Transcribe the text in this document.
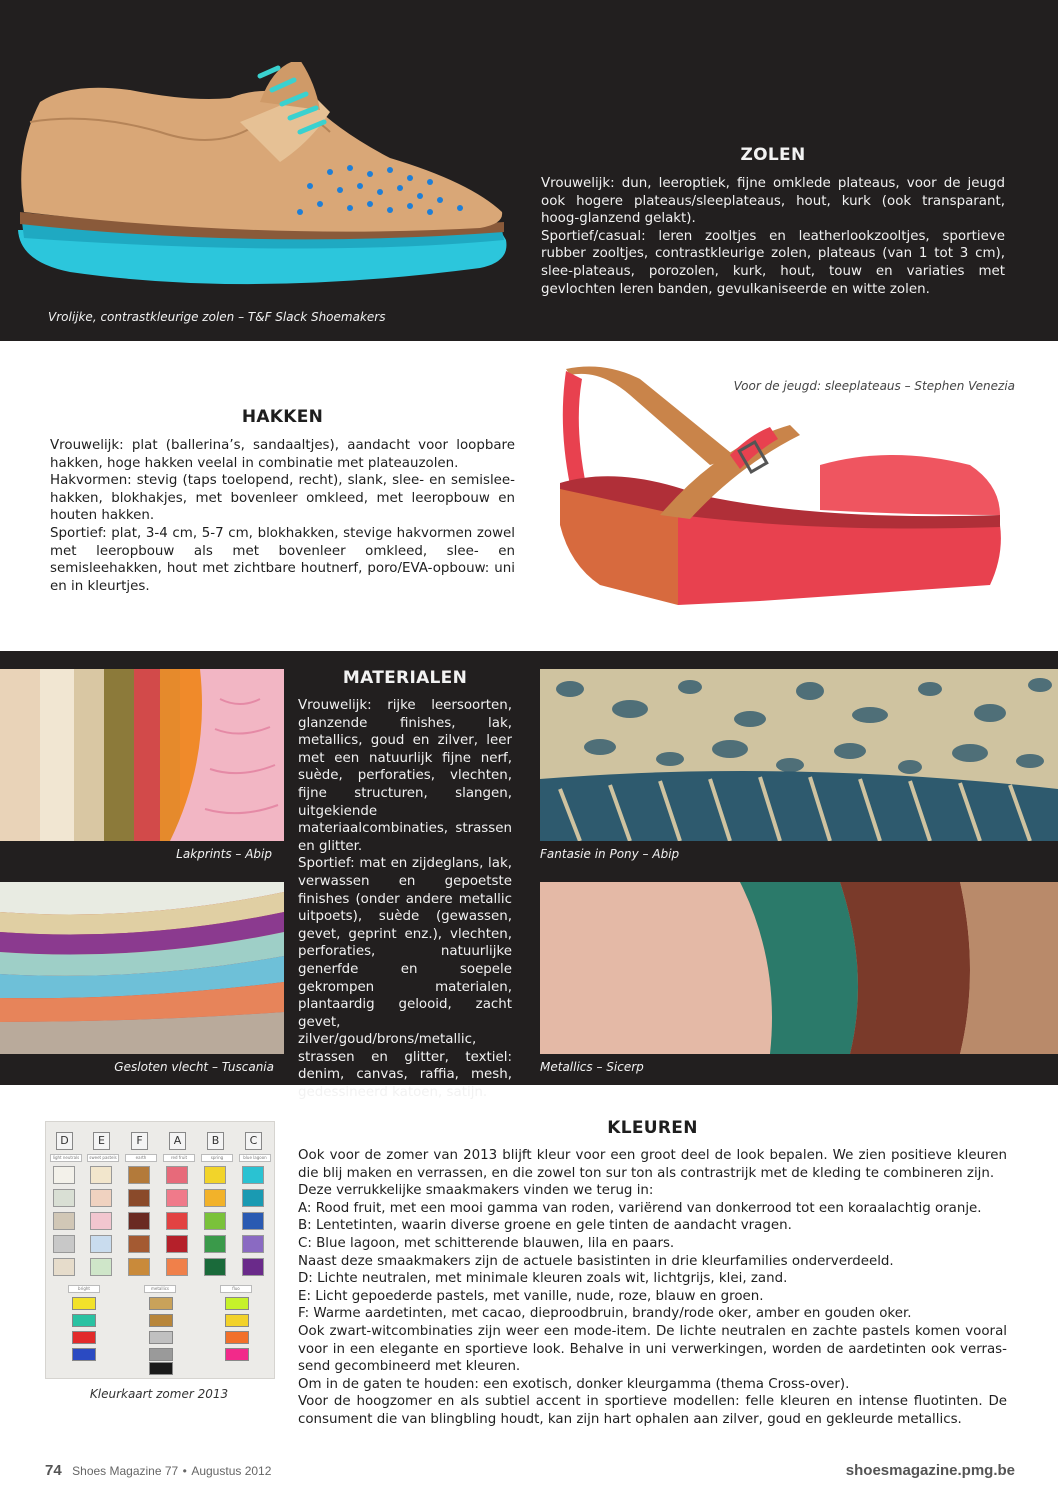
Vrolijke, contrastkleurige zolen – T&F Slack Shoemakers
ZOLEN

Vrouwelijk: dun, leeroptiek, fijne omklede plateaus, voor de jeugd ook hogere plateaus/sleeplateaus, hout, kurk (ook transparant, hoog-glanzend gelakt).

Sportief/casual: leren zooltjes en leatherlookzooltjes, sportieve rubber zooltjes, contrastkleurige zolen, plateaus (van 1 tot 3 cm), slee-plateaus, porozolen, kurk, hout, touw en variaties met gevlochten leren banden, gevulkaniseerde en witte zolen.

HAKKEN

Vrouwelijk: plat (ballerina’s, sandaaltjes), aandacht voor loopbare hakken, hoge hakken veelal in combinatie met plateauzolen.

Hakvormen: stevig (taps toelopend, recht), slank, slee- en semislee-hakken, blokhakjes, met bovenleer omkleed, met leeropbouw en houten hakken.

Sportief: plat, 3-4 cm, 5-7 cm, blokhakken, stevige hakvormen zowel met leeropbouw als met bovenleer omkleed, slee- en semisleehakken, hout met zichtbare houtnerf, poro/EVA-opbouw: uni en in kleurtjes.

Voor de jeugd: sleeplateaus – Stephen Venezia
Lakprints – Abip
Gesloten vlecht – Tuscania
MATERIALEN

Vrouwelijk: rijke leersoorten, glanzende finishes, lak, metallics, goud en zilver, leer met een natuurlijk fijne nerf, suède, perforaties, vlechten, fijne structuren, slangen, uitgekiende materiaalcombinaties, strassen en glitter.

Sportief: mat en zijdeglans, lak, verwassen en gepoetste finishes (onder andere metallic uitpoets), suède (gewassen, gevet, geprint enz.), vlechten, perforaties, natuurlijke generfde en soepele gekrompen materialen, plantaardig gelooid, zacht gevet, zilver/goud/brons/metallic, strassen en glitter, textiel: denim, canvas, raffia, mesh, gedessineerd katoen, satijn.

Fantasie in Pony – Abip
Metallics – Sicerp
D	E	F	A	B	C
light neutrals	sweet pastels	earth	red fruit	spring	blue lagoon
bright	metallics	fluo
Kleurkaart zomer 2013
KLEUREN

Ook voor de zomer van 2013 blijft kleur voor een groot deel de look bepalen. We zien positieve kleuren die blij maken en verrassen, en die zowel ton sur ton als contrastrijk met de kleding te combineren zijn.

Deze verrukkelijke smaakmakers vinden we terug in:

A: Rood fruit, met een mooi gamma van roden, variërend van donkerrood tot een koraalachtig oranje.

B: Lentetinten, waarin diverse groene en gele tinten de aandacht vragen.

C: Blue lagoon, met schitterende blauwen, lila en paars.

Naast deze smaakmakers zijn de actuele basistinten in drie kleurfamilies onderverdeeld.

D: Lichte neutralen, met minimale kleuren zoals wit, lichtgrijs, klei, zand.

E: Licht gepoederde pastels, met vanille, nude, roze, blauw en groen.

F: Warme aardetinten, met cacao, dieproodbruin, brandy/rode oker, amber en gouden oker.

Ook zwart-witcombinaties zijn weer een mode-item. De lichte neutralen en zachte pastels komen vooral voor in een elegante en sportieve look. Behalve in uni verwerkingen, worden de aardetinten ook verras-send gecombineerd met kleuren.

Om in de gaten te houden: een exotisch, donker kleurgamma (thema Cross-over).

Voor de hoogzomer en als subtiel accent in sportieve modellen: felle kleuren en intense fluotinten. De consument die van blingbling houdt, kan zijn hart ophalen aan zilver, goud en gekleurde metallics.

74 Shoes Magazine 77 • Augustus 2012	shoesmagazine.pmg.be
